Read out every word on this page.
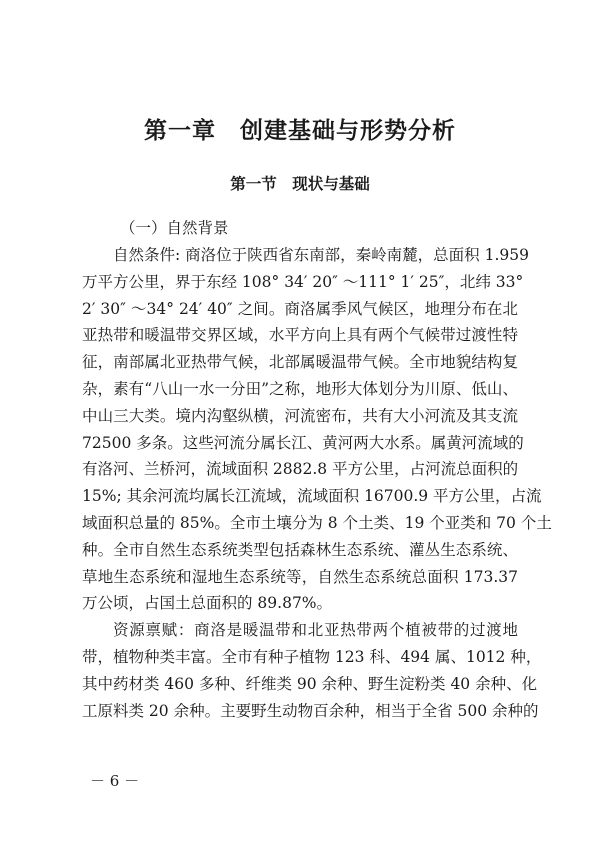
第一章　创建基础与形势分析
第一节　现状与基础
（一）自然背景
自然条件: 商洛位于陕西省东南部，秦岭南麓，总面积 1.959
万平方公里，界于东经 108° 34′ 20″ ～111° 1′ 25″，北纬 33°
2′ 30″ ～34° 24′ 40″ 之间。商洛属季风气候区，地理分布在北
亚热带和暖温带交界区域，水平方向上具有两个气候带过渡性特
征，南部属北亚热带气候，北部属暖温带气候。全市地貌结构复
杂，素有“八山一水一分田”之称，地形大体划分为川原、低山、
中山三大类。境内沟壑纵横，河流密布，共有大小河流及其支流
72500 多条。这些河流分属长江、黄河两大水系。属黄河流域的
有洛河、兰桥河，流域面积 2882.8 平方公里，占河流总面积的
15%; 其余河流均属长江流域，流域面积 16700.9 平方公里，占流
域面积总量的 85%。全市土壤分为 8 个土类、19 个亚类和 70 个土
种。全市自然生态系统类型包括森林生态系统、灌丛生态系统、
草地生态系统和湿地生态系统等，自然生态系统总面积 173.37
万公顷，占国土总面积的 89.87%。
资源禀赋：商洛是暖温带和北亚热带两个植被带的过渡地
带，植物种类丰富。全市有种子植物 123 科、494 属、1012 种，
其中药材类 460 多种、纤维类 90 余种、野生淀粉类 40 余种、化
工原料类 20 余种。主要野生动物百余种，相当于全省 500 余种的
－ 6 －
